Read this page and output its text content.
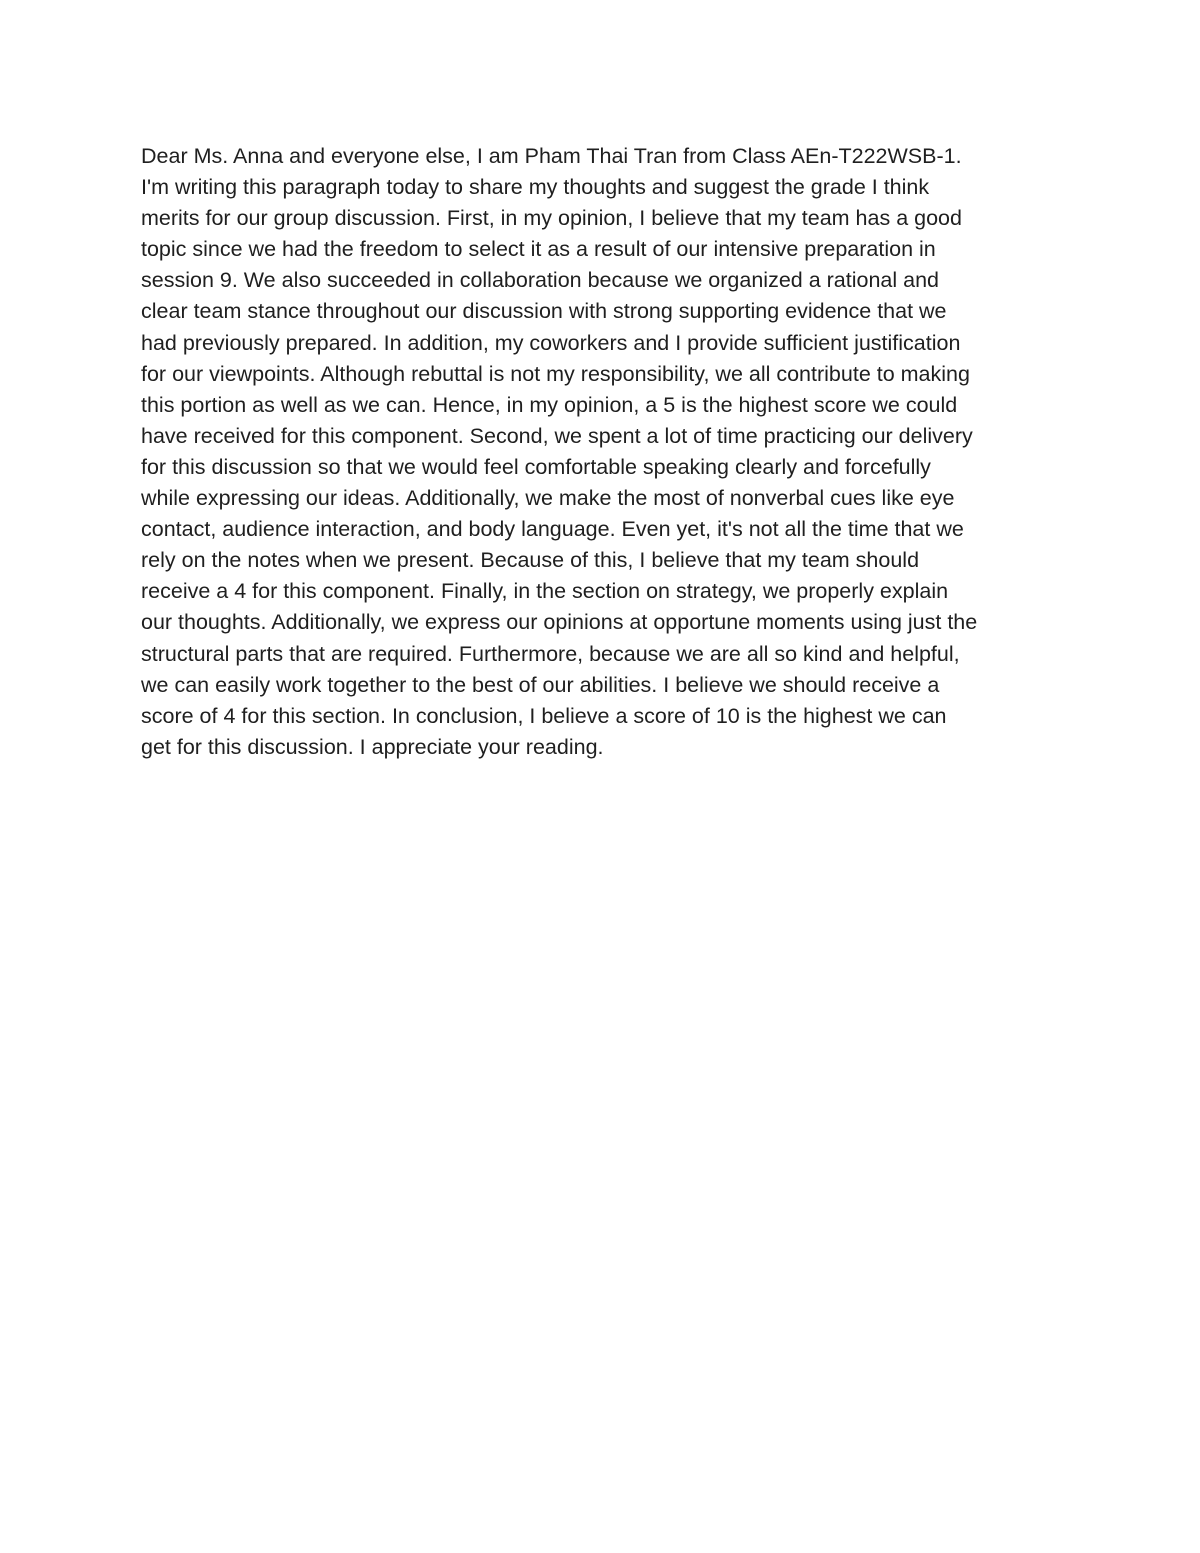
Dear Ms. Anna and everyone else, I am Pham Thai Tran from Class AEn-T222WSB-1.
I'm writing this paragraph today to share my thoughts and suggest the grade I think
merits for our group discussion. First, in my opinion, I believe that my team has a good
topic since we had the freedom to select it as a result of our intensive preparation in
session 9. We also succeeded in collaboration because we organized a rational and
clear team stance throughout our discussion with strong supporting evidence that we
had previously prepared. In addition, my coworkers and I provide sufficient justification
for our viewpoints. Although rebuttal is not my responsibility, we all contribute to making
this portion as well as we can. Hence, in my opinion, a 5 is the highest score we could
have received for this component. Second, we spent a lot of time practicing our delivery
for this discussion so that we would feel comfortable speaking clearly and forcefully
while expressing our ideas. Additionally, we make the most of nonverbal cues like eye
contact, audience interaction, and body language. Even yet, it's not all the time that we
rely on the notes when we present. Because of this, I believe that my team should
receive a 4 for this component. Finally, in the section on strategy, we properly explain
our thoughts. Additionally, we express our opinions at opportune moments using just the
structural parts that are required. Furthermore, because we are all so kind and helpful,
we can easily work together to the best of our abilities. I believe we should receive a
score of 4 for this section. In conclusion, I believe a score of 10 is the highest we can
get for this discussion. I appreciate your reading.
